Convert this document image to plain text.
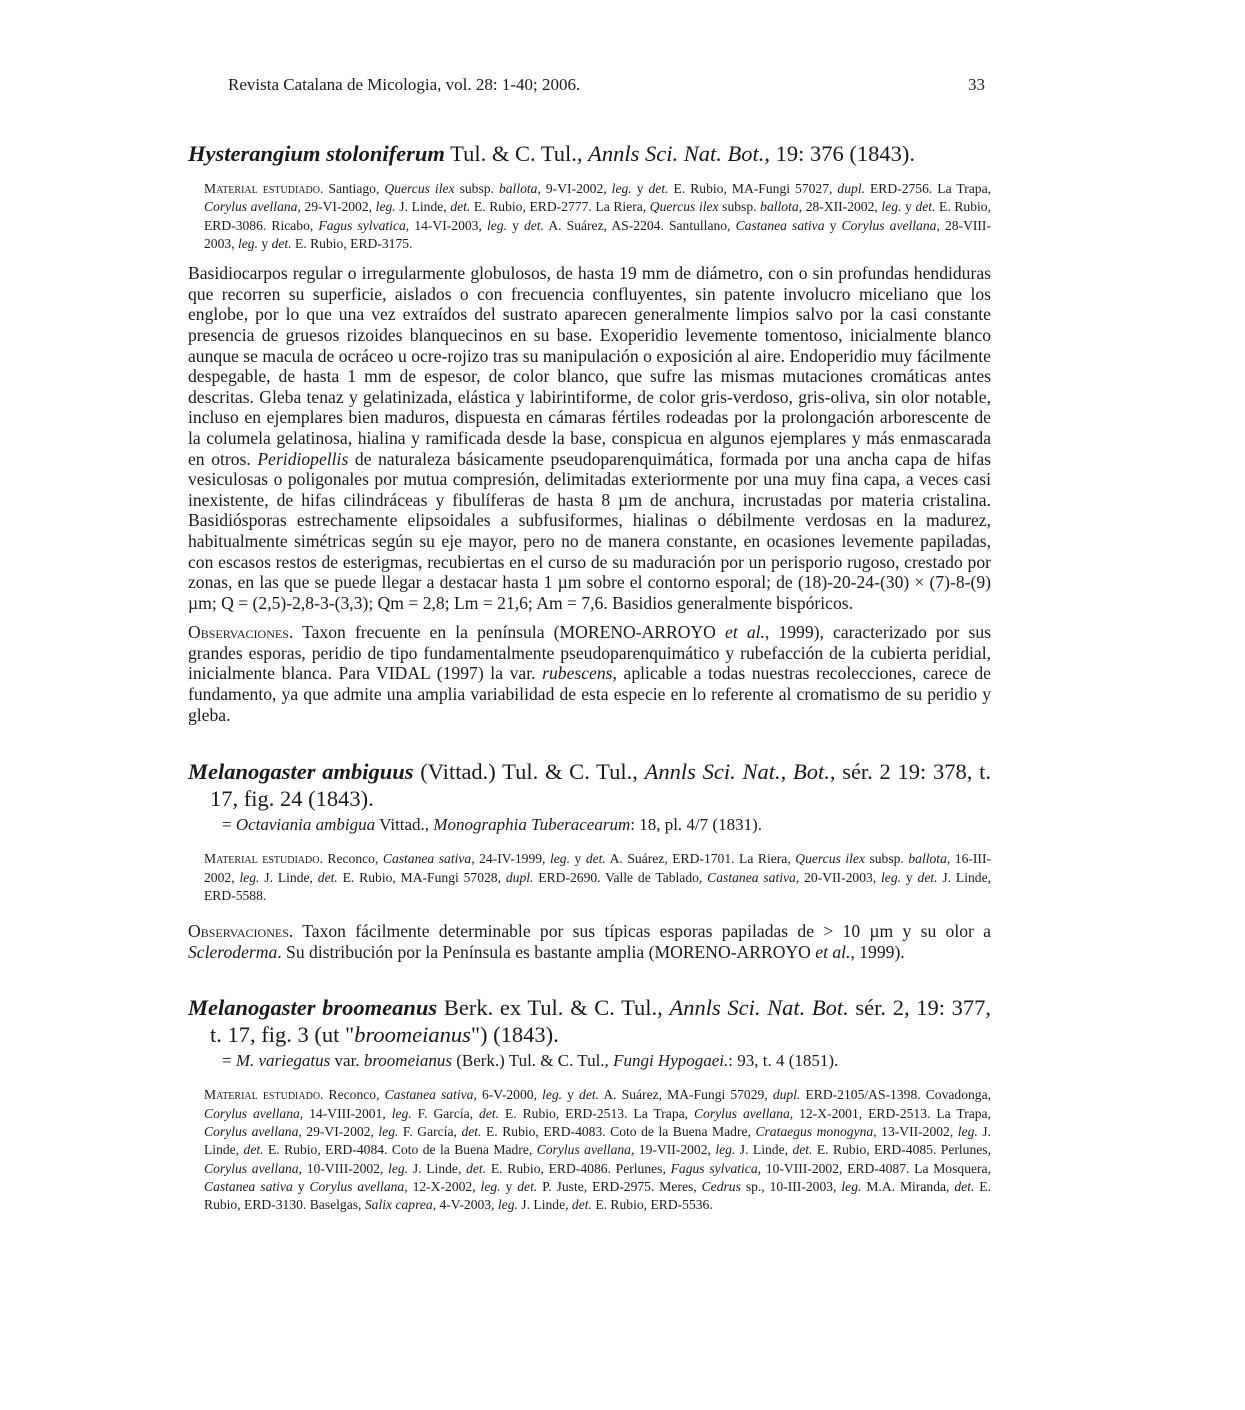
Revista Catalana de Micologia, vol. 28: 1-40; 2006.	33

Hysterangium stoloniferum Tul. & C. Tul., Annls Sci. Nat. Bot., 19: 376 (1843).

Material estudiado. Santiago, Quercus ilex subsp. ballota, 9-VI-2002, leg. y det. E. Rubio, MA-Fungi 57027, dupl. ERD-2756. La Trapa, Corylus avellana, 29-VI-2002, leg. J. Linde, det. E. Rubio, ERD-2777. La Riera, Quercus ilex subsp. ballota, 28-XII-2002, leg. y det. E. Rubio, ERD-3086. Ricabo, Fagus sylvatica, 14-VI-2003, leg. y det. A. Suárez, AS-2204. Santullano, Castanea sativa y Corylus avellana, 28-VIII-2003, leg. y det. E. Rubio, ERD-3175.

Basidiocarpos regular o irregularmente globulosos, de hasta 19 mm de diámetro, con o sin profundas hendiduras que recorren su superficie, aislados o con frecuencia confluyentes, sin patente involucro miceliano que los englobe, por lo que una vez extraídos del sustrato aparecen generalmente limpios salvo por la casi constante presencia de gruesos rizoides blanquecinos en su base. Exoperidio levemente tomentoso, inicialmente blanco aunque se macula de ocráceo u ocre-rojizo tras su manipulación o exposición al aire. Endoperidio muy fácilmente despegable, de hasta 1 mm de espesor, de color blanco, que sufre las mismas mutaciones cromáticas antes descritas. Gleba tenaz y gelatinizada, elástica y labirintiforme, de color gris-verdoso, gris-oliva, sin olor notable, incluso en ejemplares bien maduros, dispuesta en cámaras fértiles rodeadas por la prolongación arborescente de la columela gelatinosa, hialina y ramificada desde la base, conspicua en algunos ejemplares y más enmascarada en otros. Peridiopellis de naturaleza básicamente pseudoparenquimática, formada por una ancha capa de hifas vesiculosas o poligonales por mutua compresión, delimitadas exteriormente por una muy fina capa, a veces casi inexistente, de hifas cilindráceas y fibulíferas de hasta 8 µm de anchura, incrustadas por materia cristalina. Basidiósporas estrechamente elipsoidales a subfusiformes, hialinas o débilmente verdosas en la madurez, habitualmente simétricas según su eje mayor, pero no de manera constante, en ocasiones levemente papiladas, con escasos restos de esterigmas, recubiertas en el curso de su maduración por un perisporio rugoso, crestado por zonas, en las que se puede llegar a destacar hasta 1 µm sobre el contorno esporal; de (18)-20-24-(30) × (7)-8-(9) µm; Q = (2,5)-2,8-3-(3,3); Qm = 2,8; Lm = 21,6; Am = 7,6. Basidios generalmente bispóricos.

Observaciones. Taxon frecuente en la península (MORENO-ARROYO et al., 1999), caracterizado por sus grandes esporas, peridio de tipo fundamentalmente pseudoparenquimático y rubefacción de la cubierta peridial, inicialmente blanca. Para VIDAL (1997) la var. rubescens, aplicable a todas nuestras recolecciones, carece de fundamento, ya que admite una amplia variabilidad de esta especie en lo referente al cromatismo de su peridio y gleba.

Melanogaster ambiguus (Vittad.) Tul. & C. Tul., Annls Sci. Nat., Bot., sér. 2 19: 378, t. 17, fig. 24 (1843).

= Octaviania ambigua Vittad., Monographia Tuberacearum: 18, pl. 4/7 (1831).

Material estudiado. Reconco, Castanea sativa, 24-IV-1999, leg. y det. A. Suárez, ERD-1701. La Riera, Quercus ilex subsp. ballota, 16-III-2002, leg. J. Linde, det. E. Rubio, MA-Fungi 57028, dupl. ERD-2690. Valle de Tablado, Castanea sativa, 20-VII-2003, leg. y det. J. Linde, ERD-5588.

Observaciones. Taxon fácilmente determinable por sus típicas esporas papiladas de > 10 µm y su olor a Scleroderma. Su distribución por la Península es bastante amplia (MORENO-ARROYO et al., 1999).

Melanogaster broomeanus Berk. ex Tul. & C. Tul., Annls Sci. Nat. Bot. sér. 2, 19: 377, t. 17, fig. 3 (ut "broomeianus") (1843).

= M. variegatus var. broomeianus (Berk.) Tul. & C. Tul., Fungi Hypogaei.: 93, t. 4 (1851).

Material estudiado. Reconco, Castanea sativa, 6-V-2000, leg. y det. A. Suárez, MA-Fungi 57029, dupl. ERD-2105/AS-1398. Covadonga, Corylus avellana, 14-VIII-2001, leg. F. García, det. E. Rubio, ERD-2513. La Trapa, Corylus avellana, 12-X-2001, ERD-2513. La Trapa, Corylus avellana, 29-VI-2002, leg. F. García, det. E. Rubio, ERD-4083. Coto de la Buena Madre, Crataegus monogyna, 13-VII-2002, leg. J. Linde, det. E. Rubio, ERD-4084. Coto de la Buena Madre, Corylus avellana, 19-VII-2002, leg. J. Linde, det. E. Rubio, ERD-4085. Perlunes, Corylus avellana, 10-VIII-2002, leg. J. Linde, det. E. Rubio, ERD-4086. Perlunes, Fagus sylvatica, 10-VIII-2002, ERD-4087. La Mosquera, Castanea sativa y Corylus avellana, 12-X-2002, leg. y det. P. Juste, ERD-2975. Meres, Cedrus sp., 10-III-2003, leg. M.A. Miranda, det. E. Rubio, ERD-3130. Baselgas, Salix caprea, 4-V-2003, leg. J. Linde, det. E. Rubio, ERD-5536.
